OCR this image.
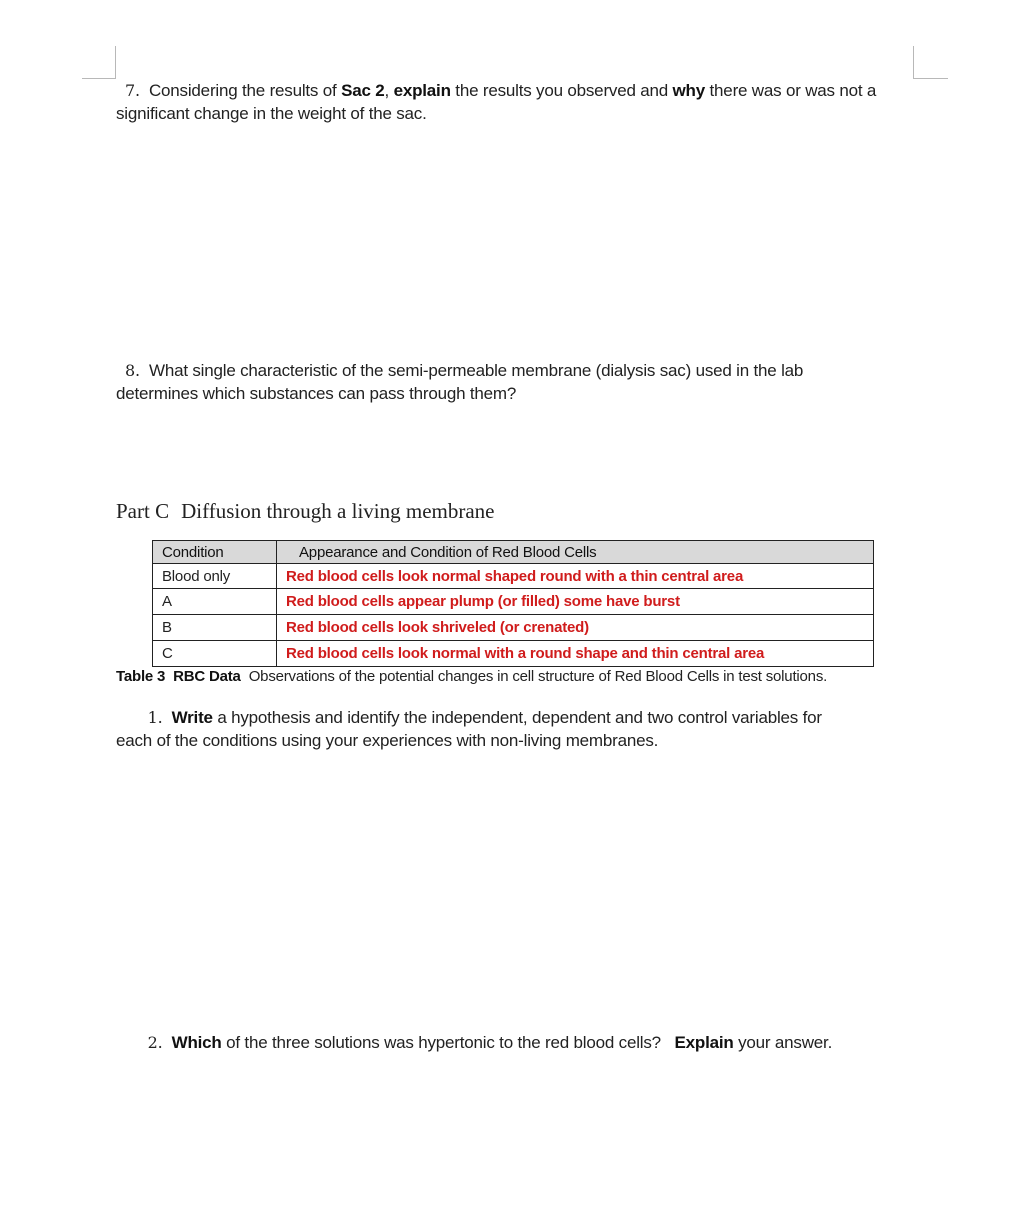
7. Considering the results of Sac 2, explain the results you observed and why there was or was not a
significant change in the weight of the sac.
8. What single characteristic of the semi-permeable membrane (dialysis sac) used in the lab
determines which substances can pass through them?
Part C Diffusion through a living membrane
Condition	Appearance and Condition of Red Blood Cells
Blood only	Red blood cells look normal shaped round with a thin central area
A	Red blood cells appear plump (or filled) some have burst
B	Red blood cells look shriveled (or crenated)
C	Red blood cells look normal with a round shape and thin central area
Table 3 RBC Data Observations of the potential changes in cell structure of Red Blood Cells in test solutions.
1. Write a hypothesis and identify the independent, dependent and two control variables for
each of the conditions using your experiences with non-living membranes.
2. Which of the three solutions was hypertonic to the red blood cells? Explain your answer.
